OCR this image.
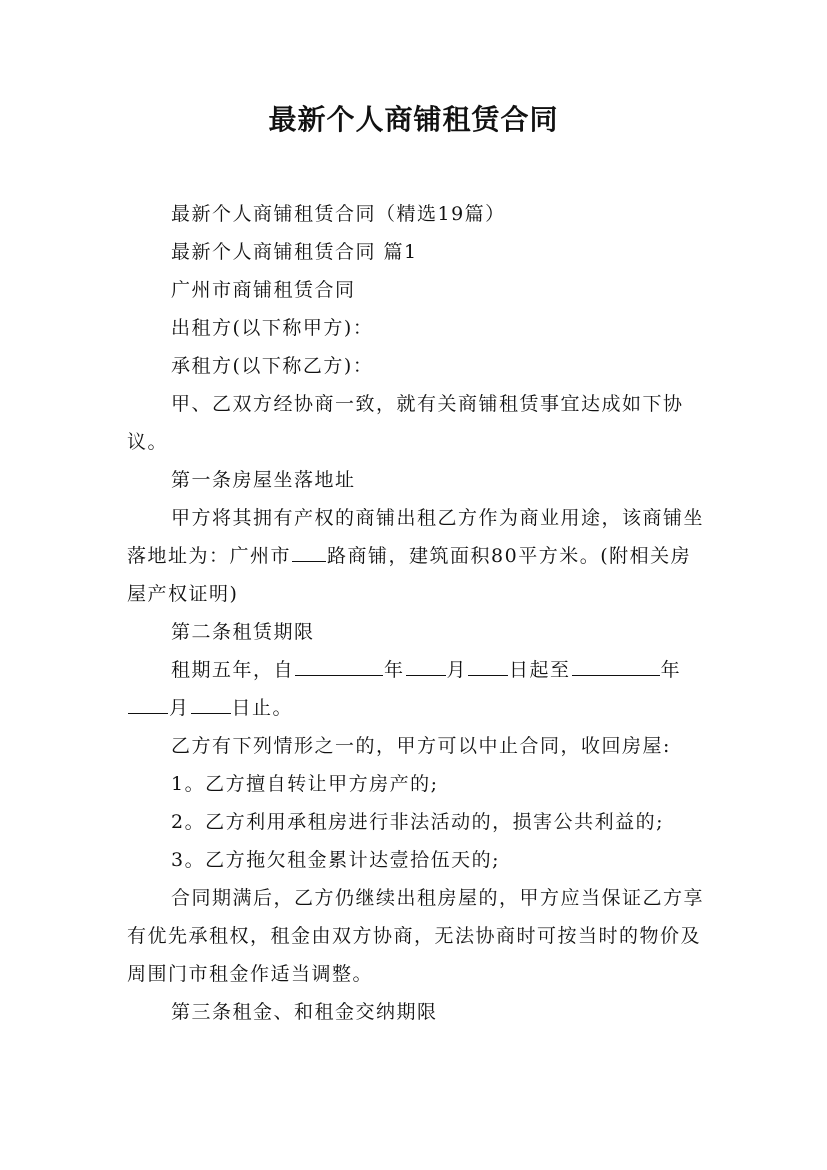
最新个人商铺租赁合同

最新个人商铺租赁合同（精选19篇）

最新个人商铺租赁合同 篇1

广州市商铺租赁合同

出租方(以下称甲方)：

承租方(以下称乙方)：

甲、乙双方经协商一致，就有关商铺租赁事宜达成如下协议。

第一条房屋坐落地址

甲方将其拥有产权的商铺出租乙方作为商业用途，该商铺坐落地址为：广州市 路商铺，建筑面积80平方米。(附相关房屋产权证明)

第二条租赁期限

租期五年，自	年 月 日起至	年月 日止。

乙方有下列情形之一的，甲方可以中止合同，收回房屋:

1。乙方擅自转让甲方房产的;

2。乙方利用承租房进行非法活动的，损害公共利益的;

3。乙方拖欠租金累计达壹拾伍天的;

合同期满后，乙方仍继续出租房屋的，甲方应当保证乙方享有优先承租权，租金由双方协商，无法协商时可按当时的物价及周围门市租金作适当调整。

第三条租金、和租金交纳期限
